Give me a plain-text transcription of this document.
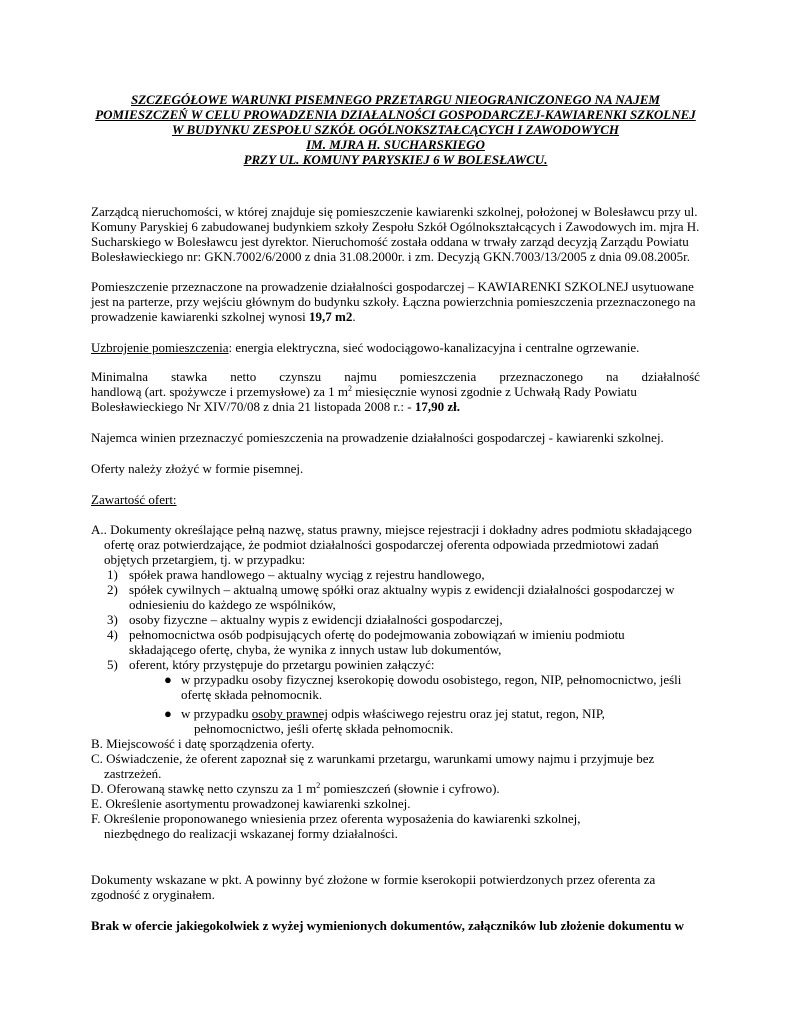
SZCZEGÓŁOWE WARUNKI PISEMNEGO PRZETARGU NIEOGRANICZONEGO NA NAJEM
POMIESZCZEŃ W CELU PROWADZENIA DZIAŁALNOŚCI GOSPODARCZEJ-KAWIARENKI SZKOLNEJ
W BUDYNKU ZESPOŁU SZKÓŁ OGÓLNOKSZTAŁCĄCYCH I ZAWODOWYCH
IM. MJRA H. SUCHARSKIEGO
PRZY UL. KOMUNY PARYSKIEJ 6 W BOLESŁAWCU.
Zarządcą nieruchomości, w której znajduje się pomieszczenie kawiarenki szkolnej, położonej w Bolesławcu przy ul.
Komuny Paryskiej 6 zabudowanej budynkiem szkoły Zespołu Szkół Ogólnokształcących i Zawodowych im. mjra H.
Sucharskiego w Bolesławcu jest dyrektor. Nieruchomość została oddana w trwały zarząd decyzją Zarządu Powiatu
Bolesławieckiego nr: GKN.7002/6/2000 z dnia 31.08.2000r. i zm. Decyzją GKN.7003/13/2005 z dnia 09.08.2005r.
Pomieszczenie przeznaczone na prowadzenie działalności gospodarczej – KAWIARENKI SZKOLNEJ usytuowane
jest na parterze, przy wejściu głównym do budynku szkoły. Łączna powierzchnia pomieszczenia przeznaczonego na
prowadzenie kawiarenki szkolnej wynosi 19,7 m2.
Uzbrojenie pomieszczenia: energia elektryczna, sieć wodociągowo-kanalizacyjna i centralne ogrzewanie.
Minimalna stawka netto czynszu najmu pomieszczenia przeznaczonego na działalność
handlową (art. spożywcze i przemysłowe) za 1 $m^2$ miesięcznie wynosi zgodnie z Uchwałą Rady Powiatu
Bolesławieckiego Nr XIV/70/08 z dnia 21 listopada 2008 r.: - 17,90 zł.
Najemca winien przeznaczyć pomieszczenia na prowadzenie działalności gospodarczej - kawiarenki szkolnej.
Oferty należy złożyć w formie pisemnej.
Zawartość ofert:
A.. Dokumenty określające pełną nazwę, status prawny, miejsce rejestracji i dokładny adres podmiotu składającego
ofertę oraz potwierdzające, że podmiot działalności gospodarczej oferenta odpowiada przedmiotowi zadań
objętych przetargiem, tj. w przypadku:
1) spółek prawa handlowego – aktualny wyciąg z rejestru handlowego,
2) spółek cywilnych – aktualną umowę spółki oraz aktualny wypis z ewidencji działalności gospodarczej w
odniesieniu do każdego ze wspólników,
3) osoby fizyczne – aktualny wypis z ewidencji działalności gospodarczej,
4) pełnomocnictwa osób podpisujących ofertę do podejmowania zobowiązań w imieniu podmiotu
składającego ofertę, chyba, że wynika z innych ustaw lub dokumentów,
5) oferent, który przystępuje do przetargu powinien załączyć:
● w przypadku osoby fizycznej kserokopię dowodu osobistego, regon, NIP, pełnomocnictwo, jeśli
ofertę składa pełnomocnik.
● w przypadku osoby prawnej odpis właściwego rejestru oraz jej statut, regon, NIP,
pełnomocnictwo, jeśli ofertę składa pełnomocnik.
B. Miejscowość i datę sporządzenia oferty.
C. Oświadczenie, że oferent zapoznał się z warunkami przetargu, warunkami umowy najmu i przyjmuje bez
zastrzeżeń.
D. Oferowaną stawkę netto czynszu za 1 $m^2$ pomieszczeń (słownie i cyfrowo).
E. Określenie asortymentu prowadzonej kawiarenki szkolnej.
F. Określenie proponowanego wniesienia przez oferenta wyposażenia do kawiarenki szkolnej,
niezbędnego do realizacji wskazanej formy działalności.
Dokumenty wskazane w pkt. A powinny być złożone w formie kserokopii potwierdzonych przez oferenta za
zgodność z oryginałem.
Brak w ofercie jakiegokolwiek z wyżej wymienionych dokumentów, załączników lub złożenie dokumentu w
